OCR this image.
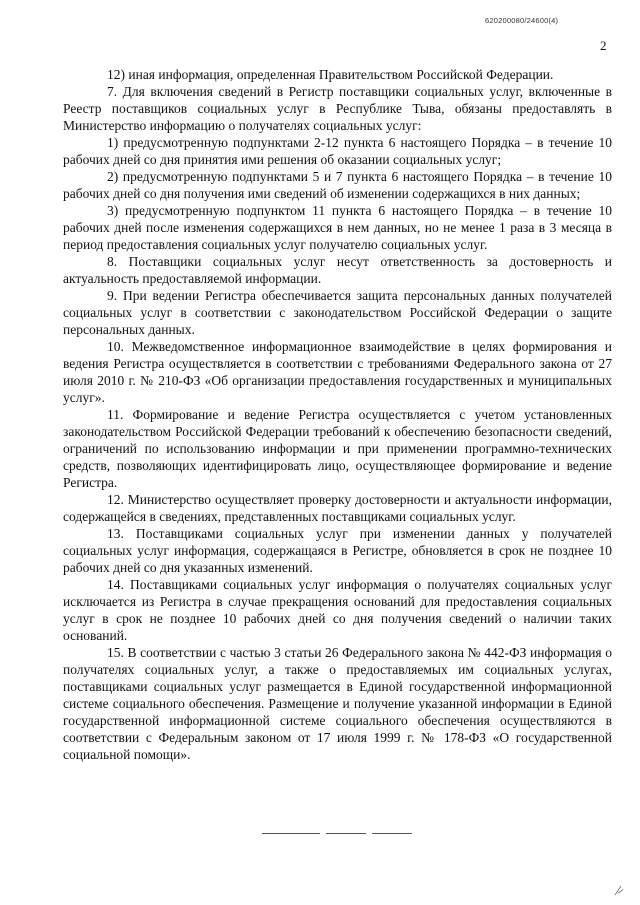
620200080/24600(4)
2

12) иная информация, определенная Правительством Российской Федерации.

7. Для включения сведений в Регистр поставщики социальных услуг, включенные в Реестр поставщиков социальных услуг в Республике Тыва, обязаны предоставлять в Министерство информацию о получателях социальных услуг:

1) предусмотренную подпунктами 2-12 пункта 6 настоящего Порядка – в течение 10 рабочих дней со дня принятия ими решения об оказании социальных услуг;

2) предусмотренную подпунктами 5 и 7 пункта 6 настоящего Порядка – в течение 10 рабочих дней со дня получения ими сведений об изменении содержащихся в них данных;

3) предусмотренную подпунктом 11 пункта 6 настоящего Порядка – в течение 10 рабочих дней после изменения содержащихся в нем данных, но не менее 1 раза в 3 месяца в период предоставления социальных услуг получателю социальных услуг.

8. Поставщики социальных услуг несут ответственность за достоверность и актуальность предоставляемой информации.

9. При ведении Регистра обеспечивается защита персональных данных получателей социальных услуг в соответствии с законодательством Российской Федерации о защите персональных данных.

10. Межведомственное информационное взаимодействие в целях формирования и ведения Регистра осуществляется в соответствии с требованиями Федерального закона от 27 июля 2010 г. № 210-ФЗ «Об организации предоставления государственных и муниципальных услуг».

11. Формирование и ведение Регистра осуществляется с учетом установленных законодательством Российской Федерации требований к обеспечению безопасности сведений, ограничений по использованию информации и при применении программно-технических средств, позволяющих идентифицировать лицо, осуществляющее формирование и ведение Регистра.

12. Министерство осуществляет проверку достоверности и актуальности информации, содержащейся в сведениях, представленных поставщиками социальных услуг.

13. Поставщиками социальных услуг при изменении данных у получателей социальных услуг информация, содержащаяся в Регистре, обновляется в срок не позднее 10 рабочих дней со дня указанных изменений.

14. Поставщиками социальных услуг информация о получателях социальных услуг исключается из Регистра в случае прекращения оснований для предоставления социальных услуг в срок не позднее 10 рабочих дней со дня получения сведений о наличии таких оснований.

15. В соответствии с частью 3 статьи 26 Федерального закона № 442-ФЗ информация о получателях социальных услуг, а также о предоставляемых им социальных услугах, поставщиками социальных услуг размещается в Единой государственной информационной системе социального обеспечения. Размещение и получение указанной информации в Единой государственной информационной системе социального обеспечения осуществляются в соответствии с Федеральным законом от 17 июля 1999 г. № 178-ФЗ «О государственной социальной помощи».
